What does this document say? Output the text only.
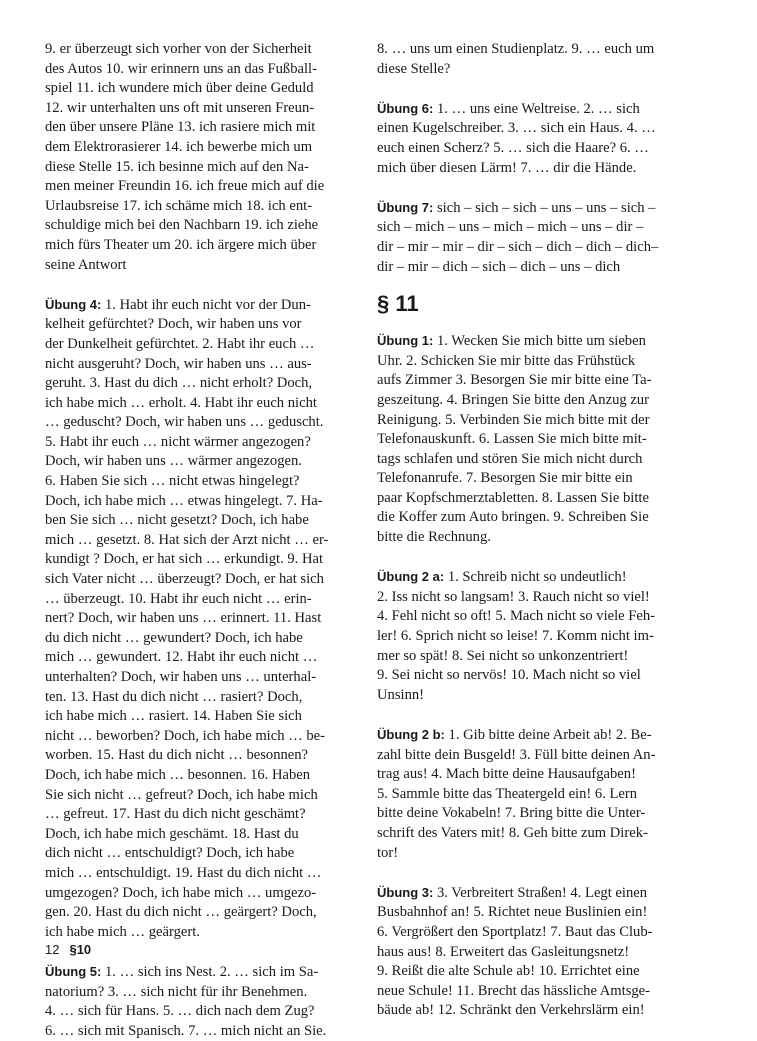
9. er überzeugt sich vorher von der Sicherheit
des Autos 10. wir erinnern uns an das Fußball-
spiel 11. ich wundere mich über deine Geduld
12. wir unterhalten uns oft mit unseren Freun-
den über unsere Pläne 13. ich rasiere mich mit
dem Elektrorasierer 14. ich bewerbe mich um
diese Stelle 15. ich besinne mich auf den Na-
men meiner Freundin 16. ich freue mich auf die
Urlaubsreise 17. ich schäme mich 18. ich ent-
schuldige mich bei den Nachbarn 19. ich ziehe
mich fürs Theater um 20. ich ärgere mich über
seine Antwort

Übung 4: 1. Habt ihr euch nicht vor der Dun-
kelheit gefürchtet? Doch, wir haben uns vor
der Dunkelheit gefürchtet. 2. Habt ihr euch …
nicht ausgeruht? Doch, wir haben uns … aus-
geruht. 3. Hast du dich … nicht erholt? Doch,
ich habe mich … erholt. 4. Habt ihr euch nicht
… geduscht? Doch, wir haben uns … geduscht.
5. Habt ihr euch … nicht wärmer angezogen?
Doch, wir haben uns … wärmer angezogen.
6. Haben Sie sich … nicht etwas hingelegt?
Doch, ich habe mich … etwas hingelegt. 7. Ha-
ben Sie sich … nicht gesetzt? Doch, ich habe
mich … gesetzt. 8. Hat sich der Arzt nicht … er-
kundigt ? Doch, er hat sich … erkundigt. 9. Hat
sich Vater nicht … überzeugt? Doch, er hat sich
… überzeugt. 10. Habt ihr euch nicht … erin-
nert? Doch, wir haben uns … erinnert. 11. Hast
du dich nicht … gewundert? Doch, ich habe
mich … gewundert. 12. Habt ihr euch nicht …
unterhalten? Doch, wir haben uns … unterhal-
ten. 13. Hast du dich nicht … rasiert? Doch,
ich habe mich … rasiert. 14. Haben Sie sich
nicht … beworben? Doch, ich habe mich … be-
worben. 15. Hast du dich nicht … besonnen?
Doch, ich habe mich … besonnen. 16. Haben
Sie sich nicht … gefreut? Doch, ich habe mich
… gefreut. 17. Hast du dich nicht geschämt?
Doch, ich habe mich geschämt. 18. Hast du
dich nicht … entschuldigt? Doch, ich habe
mich … entschuldigt. 19. Hast du dich nicht …
umgezogen? Doch, ich habe mich … umgezo-
gen. 20. Hast du dich nicht … geärgert? Doch,
ich habe mich … geärgert.

Übung 5: 1. … sich ins Nest. 2. … sich im Sa-
natorium? 3. … sich nicht für ihr Benehmen.
4. … sich für Hans. 5. … dich nach dem Zug?
6. … sich mit Spanisch. 7. … mich nicht an Sie.

8. … uns um einen Studienplatz. 9. … euch um
diese Stelle?

Übung 6: 1. … uns eine Weltreise. 2. … sich
einen Kugelschreiber. 3. … sich ein Haus. 4. …
euch einen Scherz? 5. … sich die Haare? 6. …
mich über diesen Lärm! 7. … dir die Hände.

Übung 7: sich – sich – sich – uns – uns – sich –
sich – mich – uns – mich – mich – uns – dir –
dir – mir – mir – dir – sich – dich – dich – dich–
dir – mir – dich – sich – dich – uns – dich

§ 11

Übung 1: 1. Wecken Sie mich bitte um sieben
Uhr. 2. Schicken Sie mir bitte das Frühstück
aufs Zimmer 3. Besorgen Sie mir bitte eine Ta-
geszeitung. 4. Bringen Sie bitte den Anzug zur
Reinigung. 5. Verbinden Sie mich bitte mit der
Telefonauskunft. 6. Lassen Sie mich bitte mit-
tags schlafen und stören Sie mich nicht durch
Telefonanrufe. 7. Besorgen Sie mir bitte ein
paar Kopfschmerztabletten. 8. Lassen Sie bitte
die Koffer zum Auto bringen. 9. Schreiben Sie
bitte die Rechnung.

Übung 2 a: 1. Schreib nicht so undeutlich!
2. Iss nicht so langsam! 3. Rauch nicht so viel!
4. Fehl nicht so oft! 5. Mach nicht so viele Feh-
ler! 6. Sprich nicht so leise! 7. Komm nicht im-
mer so spät! 8. Sei nicht so unkonzentriert!
9. Sei nicht so nervös! 10. Mach nicht so viel
Unsinn!

Übung 2 b: 1. Gib bitte deine Arbeit ab! 2. Be-
zahl bitte dein Busgeld! 3. Füll bitte deinen An-
trag aus! 4. Mach bitte deine Hausaufgaben!
5. Sammle bitte das Theatergeld ein! 6. Lern
bitte deine Vokabeln! 7. Bring bitte die Unter-
schrift des Vaters mit! 8. Geh bitte zum Direk-
tor!

Übung 3: 3. Verbreitert Straßen! 4. Legt einen
Busbahnhof an! 5. Richtet neue Buslinien ein!
6. Vergrößert den Sportplatz! 7. Baut das Club-
haus aus! 8. Erweitert das Gasleitungsnetz!
9. Reißt die alte Schule ab! 10. Errichtet eine
neue Schule! 11. Brecht das hässliche Amtsge-
bäude ab! 12. Schränkt den Verkehrslärm ein!

12 §10
